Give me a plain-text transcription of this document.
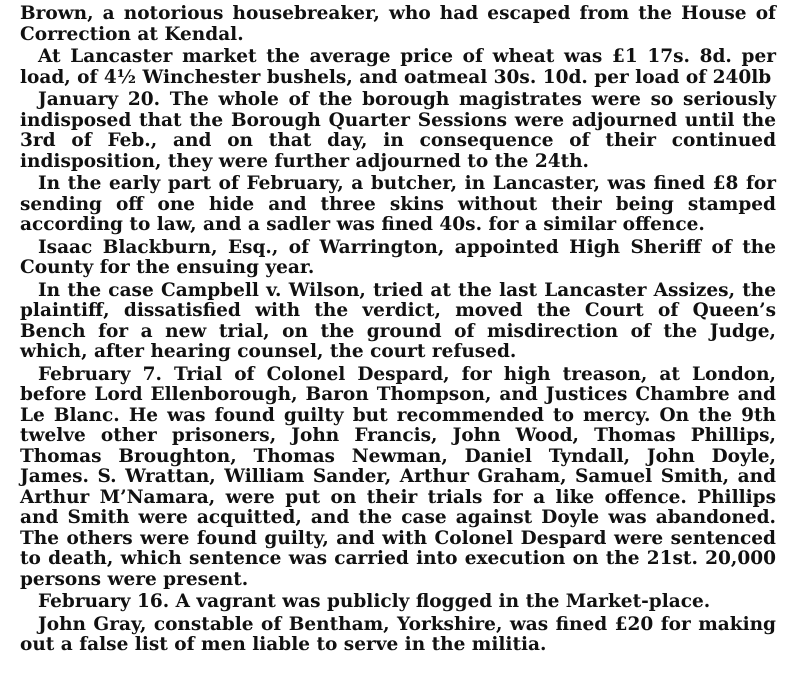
Brown, a notorious housebreaker, who had escaped from the House of Correction at Kendal.

At Lancaster market the average price of wheat was £1 17s. 8d. per load, of 4½ Winchester bushels, and oatmeal 30s. 10d. per load of 240lb

January 20. The whole of the borough magistrates were so seriously indisposed that the Borough Quarter Sessions were adjourned until the 3rd of Feb., and on that day, in consequence of their continued indisposition, they were further adjourned to the 24th.

In the early part of February, a butcher, in Lancaster, was fined £8 for sending off one hide and three skins without their being stamped according to law, and a sadler was fined 40s. for a similar offence.

Isaac Blackburn, Esq., of Warrington, appointed High Sheriff of the County for the ensuing year.

In the case Campbell v. Wilson, tried at the last Lancaster Assizes, the plaintiff, dissatisfied with the verdict, moved the Court of Queen’s Bench for a new trial, on the ground of misdirection of the Judge, which, after hearing counsel, the court refused.

February 7. Trial of Colonel Despard, for high treason, at London, before Lord Ellenborough, Baron Thompson, and Justices Chambre and Le Blanc. He was found guilty but recommended to mercy. On the 9th twelve other prisoners, John Francis, John Wood, Thomas Phillips, Thomas Broughton, Thomas Newman, Daniel Tyndall, John Doyle, James. S. Wrattan, William Sander, Arthur Graham, Samuel Smith, and Arthur M’Namara, were put on their trials for a like offence. Phillips and Smith were acquitted, and the case against Doyle was abandoned. The others were found guilty, and with Colonel Despard were sentenced to death, which sentence was carried into execution on the 21st. 20,000 persons were present.

February 16. A vagrant was publicly flogged in the Market-place.

John Gray, constable of Bentham, Yorkshire, was fined £20 for making out a false list of men liable to serve in the militia.
